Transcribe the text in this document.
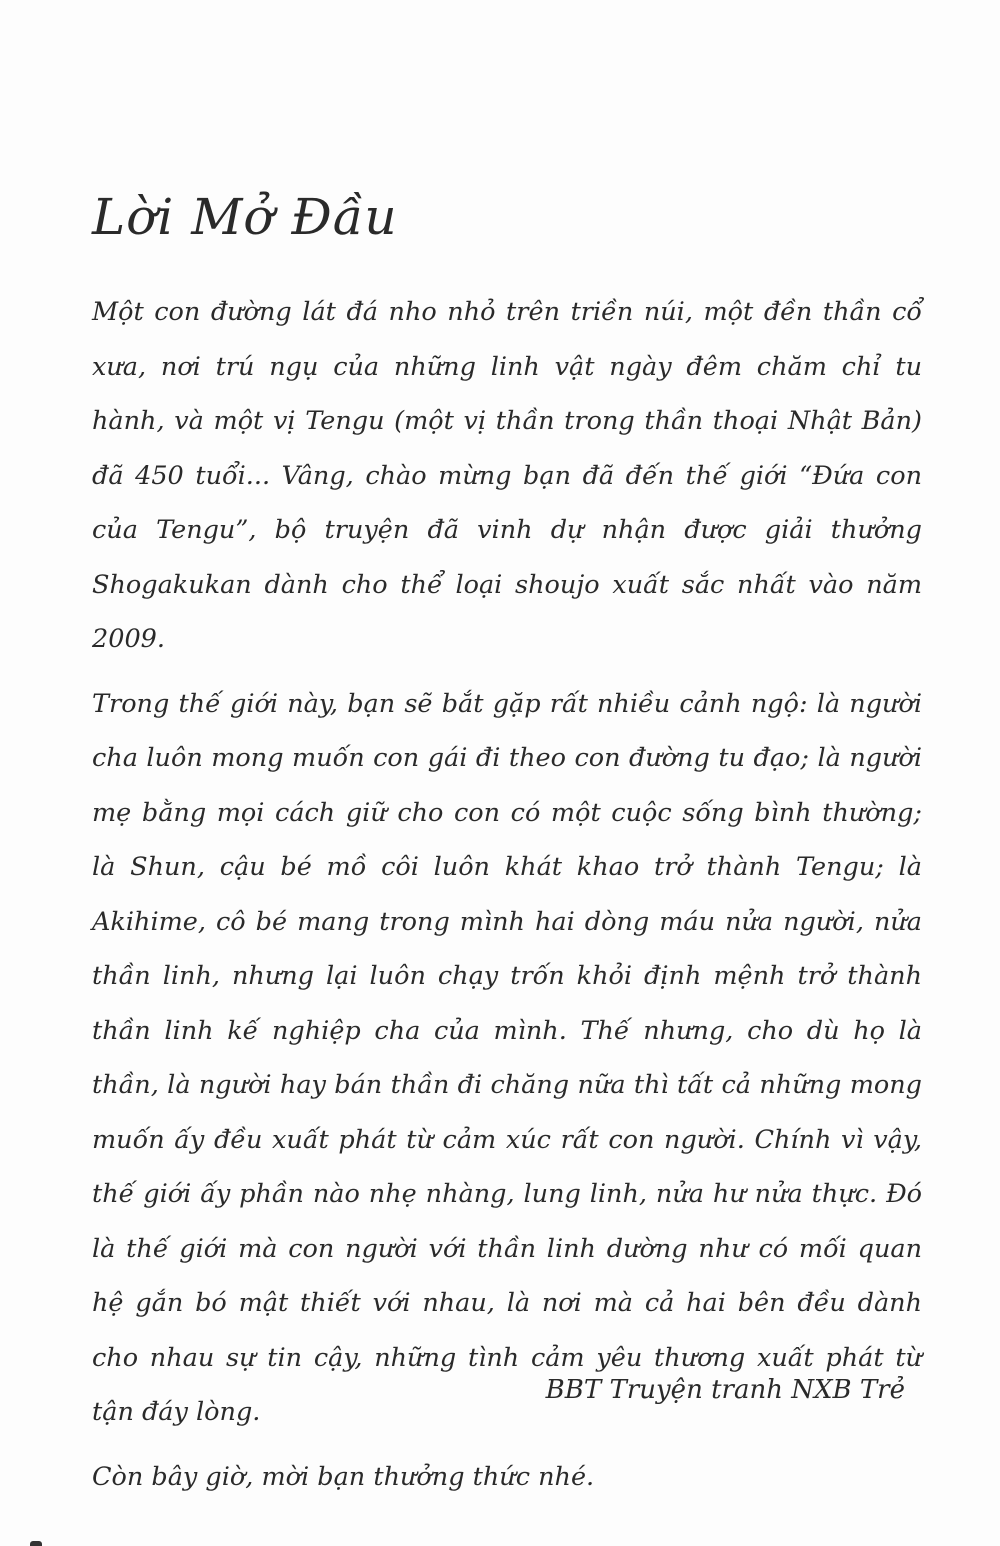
Lời Mở Đầu

Một con đường lát đá nho nhỏ trên triền núi, một đền thần cổ xưa, nơi trú ngụ của những linh vật ngày đêm chăm chỉ tu hành, và một vị Tengu (một vị thần trong thần thoại Nhật Bản) đã 450 tuổi... Vâng, chào mừng bạn đã đến thế giới “Đứa con của Tengu”, bộ truyện đã vinh dự nhận được giải thưởng Shogakukan dành cho thể loại shoujo xuất sắc nhất vào năm 2009.

Trong thế giới này, bạn sẽ bắt gặp rất nhiều cảnh ngộ: là người cha luôn mong muốn con gái đi theo con đường tu đạo; là người mẹ bằng mọi cách giữ cho con có một cuộc sống bình thường; là Shun, cậu bé mồ côi luôn khát khao trở thành Tengu; là Akihime, cô bé mang trong mình hai dòng máu nửa người, nửa thần linh, nhưng lại luôn chạy trốn khỏi định mệnh trở thành thần linh kế nghiệp cha của mình. Thế nhưng, cho dù họ là thần, là người hay bán thần đi chăng nữa thì tất cả những mong muốn ấy đều xuất phát từ cảm xúc rất con người. Chính vì vậy, thế giới ấy phần nào nhẹ nhàng, lung linh, nửa hư nửa thực. Đó là thế giới mà con người với thần linh dường như có mối quan hệ gắn bó mật thiết với nhau, là nơi mà cả hai bên đều dành cho nhau sự tin cậy, những tình cảm yêu thương xuất phát từ tận đáy lòng.

Còn bây giờ, mời bạn thưởng thức nhé.

BBT Truyện tranh NXB Trẻ
